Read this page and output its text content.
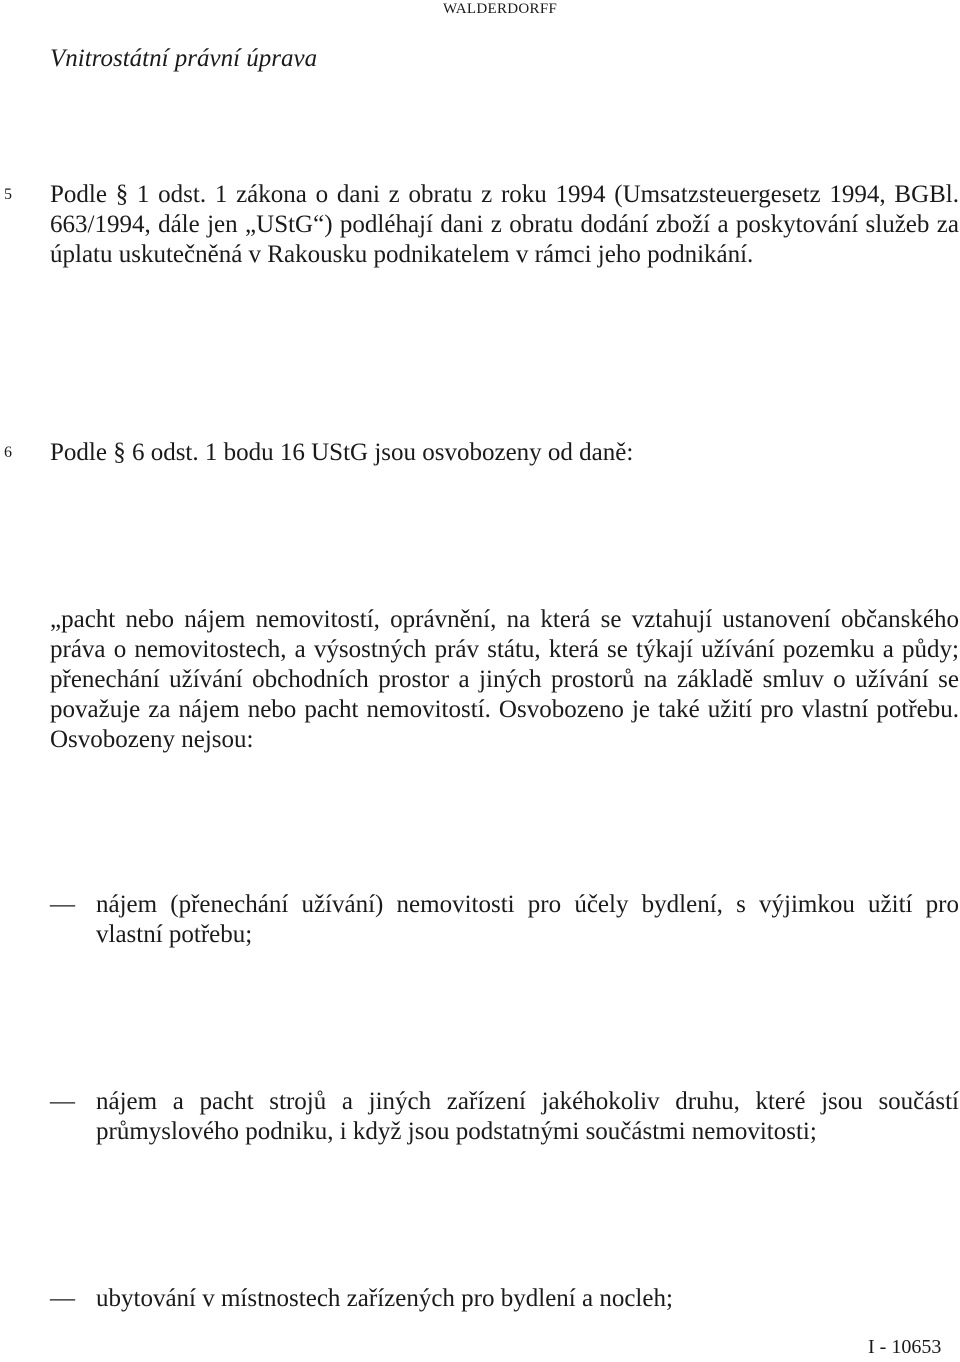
WALDERDORFF
Vnitrostátní právní úprava
5 Podle § 1 odst. 1 zákona o dani z obratu z roku 1994 (Umsatzsteuergesetz 1994, BGBl. 663/1994, dále jen „UStG“) podléhají dani z obratu dodání zboží a poskytování služeb za úplatu uskutečněná v Rakousku podnikatelem v rámci jeho podnikání.

6 Podle § 6 odst. 1 bodu 16 UStG jsou osvobozeny od daně:

„pacht nebo nájem nemovitostí, oprávnění, na která se vztahují ustanovení občanského práva o nemovitostech, a výsostných práv státu, která se týkají užívání pozemku a půdy; přenechání užívání obchodních prostor a jiných prostorů na základě smluv o užívání se považuje za nájem nebo pacht nemovitostí. Osvobozeno je také užití pro vlastní potřebu. Osvobozeny nejsou:

— nájem (přenechání užívání) nemovitosti pro účely bydlení, s výjimkou užití pro vlastní potřebu;

— nájem a pacht strojů a jiných zařízení jakéhokoliv druhu, které jsou součástí průmyslového podniku, i když jsou podstatnými součástmi nemovitosti;

— ubytování v místnostech zařízených pro bydlení a nocleh;

I - 10653
